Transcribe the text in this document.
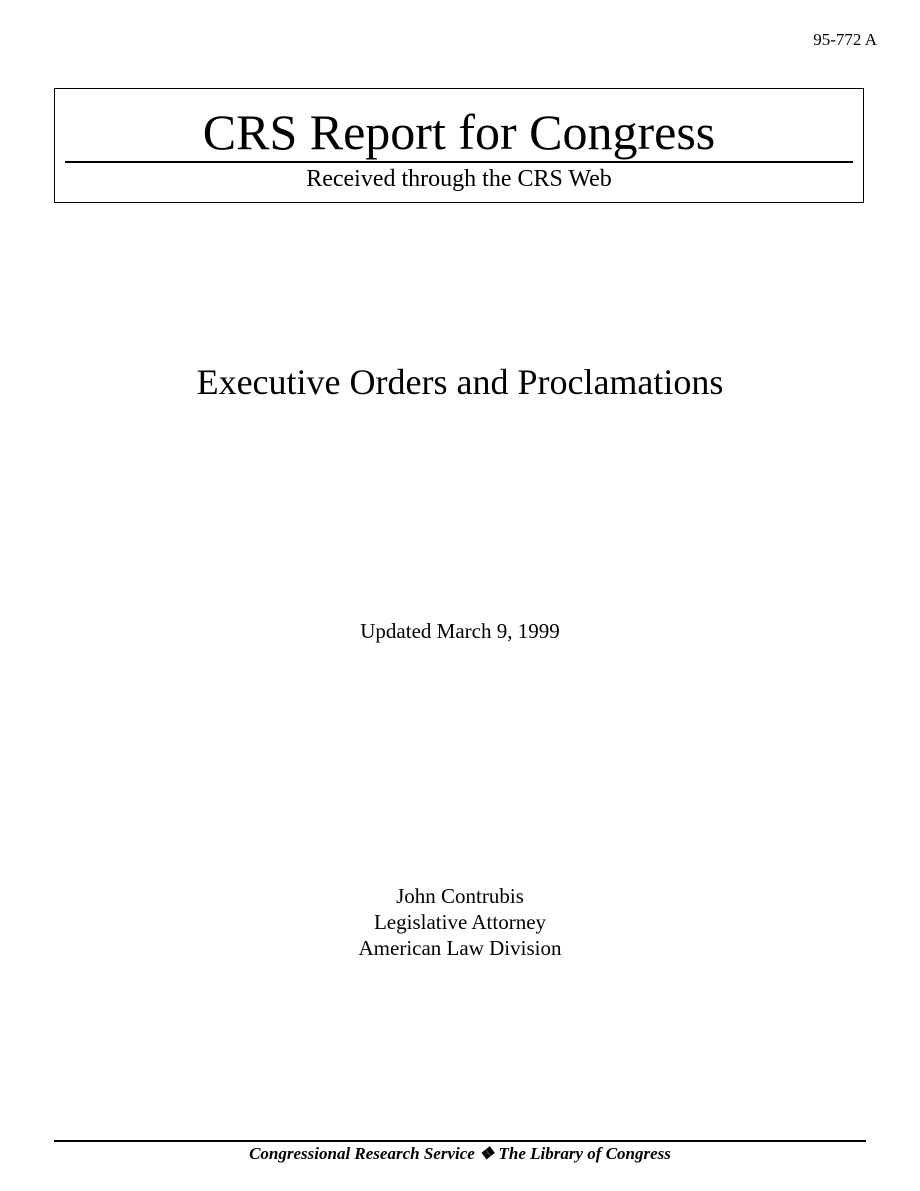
95-772 A
CRS Report for Congress
Received through the CRS Web
Executive Orders and Proclamations
Updated March 9, 1999
John Contrubis
Legislative Attorney
American Law Division
Congressional Research Service ❖ The Library of Congress
